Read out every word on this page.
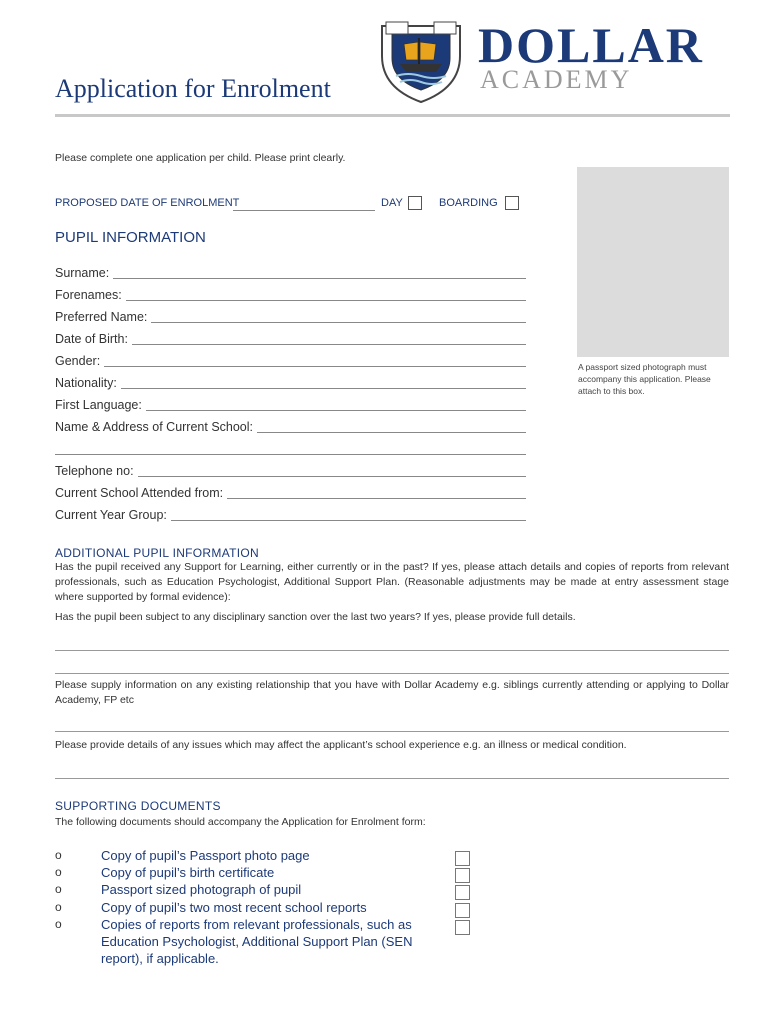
Application for Enrolment
DOLLAR
ACADEMY
Please complete one application per child. Please print clearly.
PROPOSED DATE OF ENROLMENT	DAY	BOARDING
A passport sized photograph must accompany this application. Please attach to this box.
PUPIL INFORMATION
Surname:
Forenames:
Preferred Name:
Date of Birth:
Gender:
Nationality:
First Language:
Name & Address of Current School:
Telephone no:
Current School Attended from:
Current Year Group:
ADDITIONAL PUPIL INFORMATION
Has the pupil received any Support for Learning, either currently or in the past? If yes, please attach details and copies of reports from relevant professionals, such as Education Psychologist, Additional Support Plan. (Reasonable adjustments may be made at entry assessment stage where supported by formal evidence):
Has the pupil been subject to any disciplinary sanction over the last two years? If yes, please provide full details.
Please supply information on any existing relationship that you have with Dollar Academy e.g. siblings currently attending or applying to Dollar Academy, FP etc
Please provide details of any issues which may affect the applicant’s school experience e.g. an illness or medical condition.
SUPPORTING DOCUMENTS
The following documents should accompany the Application for Enrolment form:
o	Copy of pupil’s Passport photo page
o	Copy of pupil’s birth certificate
o	Passport sized photograph of pupil
o	Copy of pupil’s two most recent school reports
o	Copies of reports from relevant professionals, such as Education Psychologist, Additional Support Plan (SEN report), if applicable.
